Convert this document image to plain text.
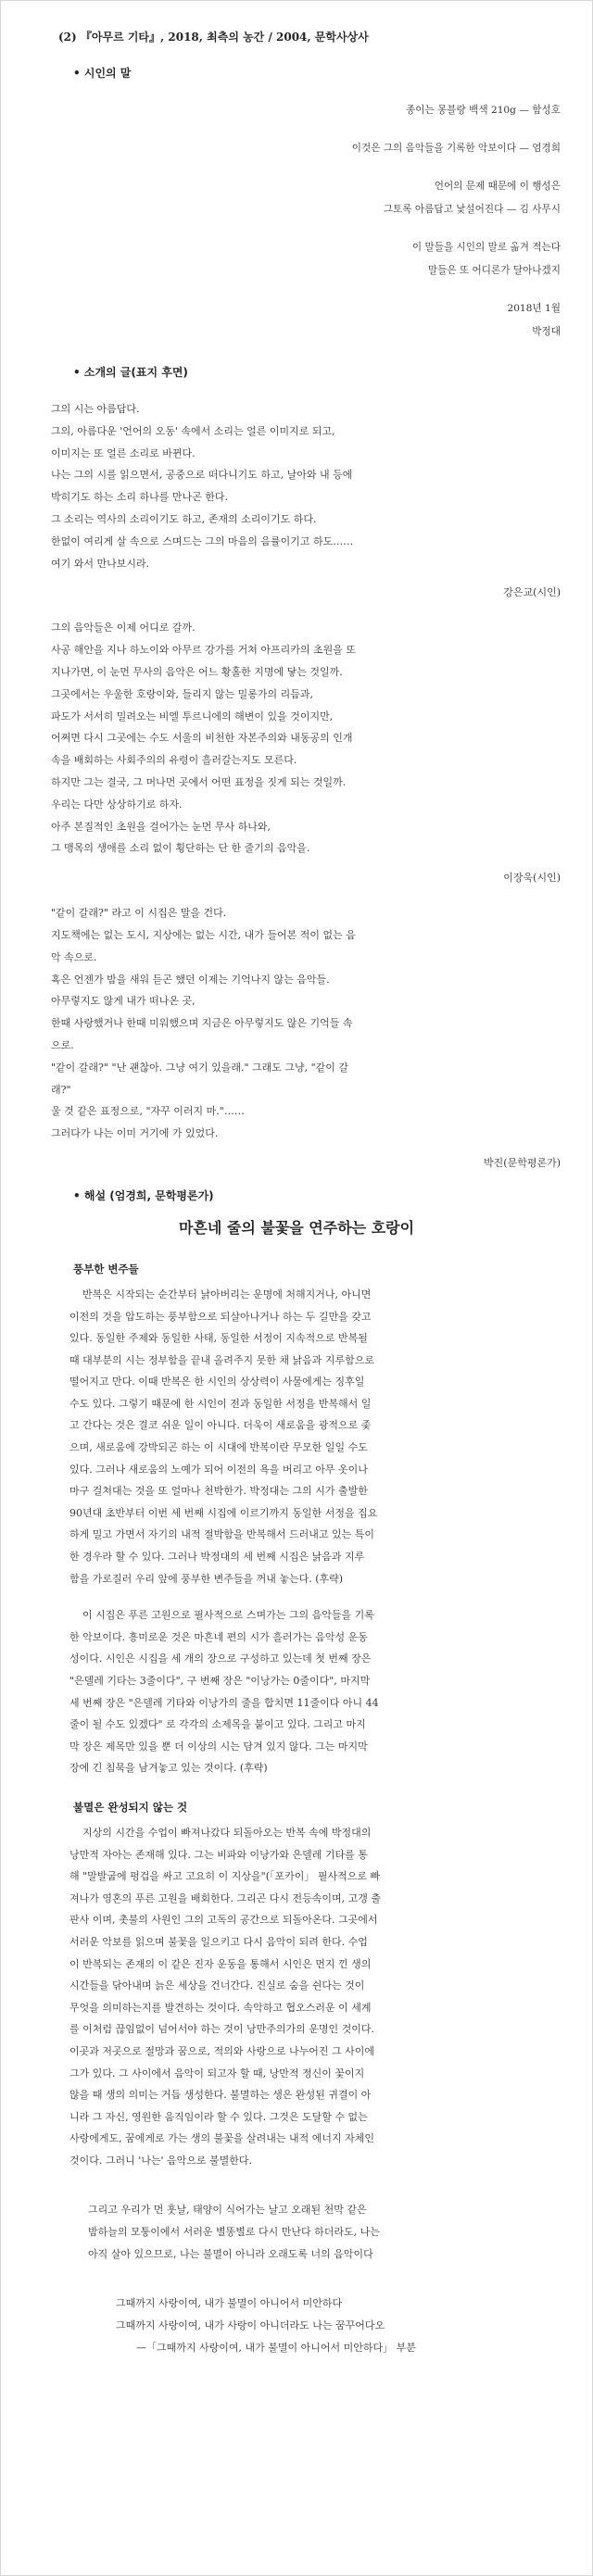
(2) 『아무르 기타』, 2018, 최측의 농간 / 2004, 문학사상사
• 시인의 말
종이는 몽블랑 백색 210g — 함성호
이것은 그의 음악들을 기록한 악보이다 — 엄경희
언어의 문제 때문에 이 행성은
그토록 아름답고 낯설어진다 — 김 사무시
이 말들을 시인의 말로 옮겨 적는다
말들은 또 어디론가 달아나겠지
2018년 1월
박정대
• 소개의 글(표지 후면)
그의 시는 아름답다.
그의, 아름다운 '언어의 오동' 속에서 소리는 얼른 이미지로 되고,
이미지는 또 얼른 소리로 바뀐다.
나는 그의 시를 읽으면서, 공중으로 떠다니기도 하고, 날아와 내 등에
박히기도 하는 소리 하나를 만나곤 한다.
그 소리는 역사의 소리이기도 하고, 존재의 소리이기도 하다.
한없이 여리게 살 속으로 스며드는 그의 마음의 음률이기고 하도……
여기 와서 만나보시라.
강은교(시인)
그의 음악들은 이제 어디로 갈까.
사공 해안을 지나 하노이와 아무르 강가를 거쳐 아프리카의 초원을 또
지나가면, 이 눈먼 무사의 음악은 어느 황홀한 지명에 닿는 것일까.
그곳에서는 우울한 호랑이와, 들리지 않는 밀롱가의 리듬과,
파도가 서서히 밀려오는 비엘 투르니에의 해변이 있을 것이지만,
어쩌면 다시 그곳에는 수도 서울의 비천한 자본주의와 내동공의 인개
속을 배회하는 사회주의의 유령이 흘러갈는지도 모른다.
하지만 그는 결국, 그 머나먼 곳에서 어떤 표정을 짓게 되는 것일까.
우리는 다만 상상하기로 하자.
아주 본질적인 초원을 걸어가는 눈먼 무사 하나와,
그 맹목의 생애를 소리 없이 횡단하는 단 한 줄기의 음악을.
이장욱(시인)
"같이 갈래?" 라고 이 시집은 말을 건다.
지도책에는 없는 도시, 지상에는 없는 시간, 내가 들어본 적이 없는 음
악 속으로.
혹은 언젠가 밤을 새워 듣곤 했던 이제는 기억나지 않는 음악들.
아무렇지도 않게 내가 떠나온 곳,
한때 사랑했거나 한때 미워했으며 지금은 아무렇지도 않은 기억들 속
으로.
"같이 갈래?" "난 괜찮아. 그냥 여기 있을래." 그래도 그냥, "같이 갈
래?"
울 것 같은 표정으로, "자꾸 이러지 마."……
그러다가 나는 이미 거기에 가 있었다.
박진(문학평론가)
• 해설 (엄경희, 문학평론가)
마흔네 줄의 불꽃을 연주하는 호랑이
풍부한 변주들
반복은 시작되는 순간부터 낡아버리는 운명에 처해지거나, 아니면
이전의 것을 압도하는 풍부함으로 되살아나거나 하는 두 길만을 갖고
있다. 동일한 주제와 동일한 사태, 동일한 서정이 지속적으로 반복될
때 대부분의 시는 정부함을 끝내 올려주지 못한 채 낡음과 지루함으로
떨어지고 만다. 이때 반복은 한 시인의 상상력이 사물에게는 징후일
수도 있다. 그렇기 때문에 한 시인이 전과 동일한 서정을 반복해서 일
고 간다는 것은 결코 쉬운 일이 아니다. 더욱이 새로움을 광적으로 좇
으며, 새로움에 강박되곤 하는 이 시대에 반복이란 무모한 일일 수도
있다. 그러나 새로움의 노예가 되어 이전의 욕을 버리고 아무 옷이나
마구 걸쳐대는 것을 또 얼마나 천박한가. 박정대는 그의 시가 출발한
90년대 초반부터 이번 세 번째 시집에 이르기까지 동일한 서정을 집요
하게 밀고 가면서 자기의 내적 절박함을 반복해서 드러내고 있는 특이
한 경우라 할 수 있다. 그러나 박정대의 세 번째 시집은 낡음과 지루
함을 가로질러 우리 앞에 풍부한 변주들을 꺼내 놓는다. (후략)
이 시집은 푸른 고원으로 필사적으로 스며가는 그의 음악들을 기록
한 악보이다. 흥미로운 것은 마흔네 편의 시가 흘러가는 음악성 운동
성이다. 시인은 시집을 세 개의 장으로 구성하고 있는데 첫 번째 장은
"은델레 기타는 3줄이다", 구 번째 장은 "이낭가는 0줄이다", 마지막
세 번째 장은 "은델레 기타와 이낭가의 줄을 합치면 11줄이다 아니 44
줄이 될 수도 있겠다" 로 각각의 소제목을 붙이고 있다. 그리고 마지
막 장은 제목만 있을 뿐 더 이상의 시는 담겨 있지 않다. 그는 마지막
장에 긴 침묵을 남겨놓고 있는 것이다. (후략)
불멸은 완성되지 않는 것
지상의 시간을 수업이 빠져나갔다 되돌아오는 반복 속에 박정대의
낭만적 자아는 존재해 있다. 그는 비파와 이낭가와 은델레 기타를 통
해 "말발굽에 펑겁을 싸고 고요히 이 지상을"(「포카이」 필사적으로 빠
져나가 영혼의 푸른 고원을 배회한다. 그리곤 다시 전등속이며, 고갱 출
판사 이며, 촛불의 사원인 그의 고독의 공간으로 되돌아온다. 그곳에서
서러운 악보를 읽으며 불꽃을 일으키고 다시 음악이 되려 한다. 수업
이 반복되는 존재의 이 같은 진자 운동을 통해서 시인은 먼지 낀 생의
시간들을 닦아내며 늙은 세상을 건너간다. 진실로 숨을 쉰다는 것이
무엇을 의미하는지를 발견하는 것이다. 속악하고 협오스러운 이 세계
를 이처럼 끊임없이 넘어서야 하는 것이 낭만주의가의 운명인 것이다.
이곳과 저곳으로 절망과 꿈으로, 적의와 사랑으로 나누어진 그 사이에
그가 있다. 그 사이에서 음악이 되고자 할 때, 낭만적 정신이 꽃이지
않을 때 생의 의미는 거듭 생성한다. 불멸하는 생은 완성된 귀결이 아
니라 그 자신, 영원한 움직임이라 할 수 있다. 그것은 도달할 수 없는
사랑에게도, 꿈에게로 가는 생의 불꽃을 살려내는 내적 에너지 자체인
것이다. 그러니 '나는' 음악으로 불멸한다.
그리고 우리가 먼 훗날, 태양이 식어가는 날고 오래된 천막 같은
밤하늘의 모퉁이에서 서러운 별똥별로 다시 만난다 하더라도, 나는
아직 살아 있으므로, 나는 불멸이 아니라 오래도록 너의 음악이다
그때까지 사랑이여, 내가 불멸이 아니어서 미안하다
그때까지 사랑이여, 내가 사랑이 아니더라도 나는 꿈꾸어다오
—「그때까지 사랑이여, 내가 불멸이 아니어서 미안하다」 부분
